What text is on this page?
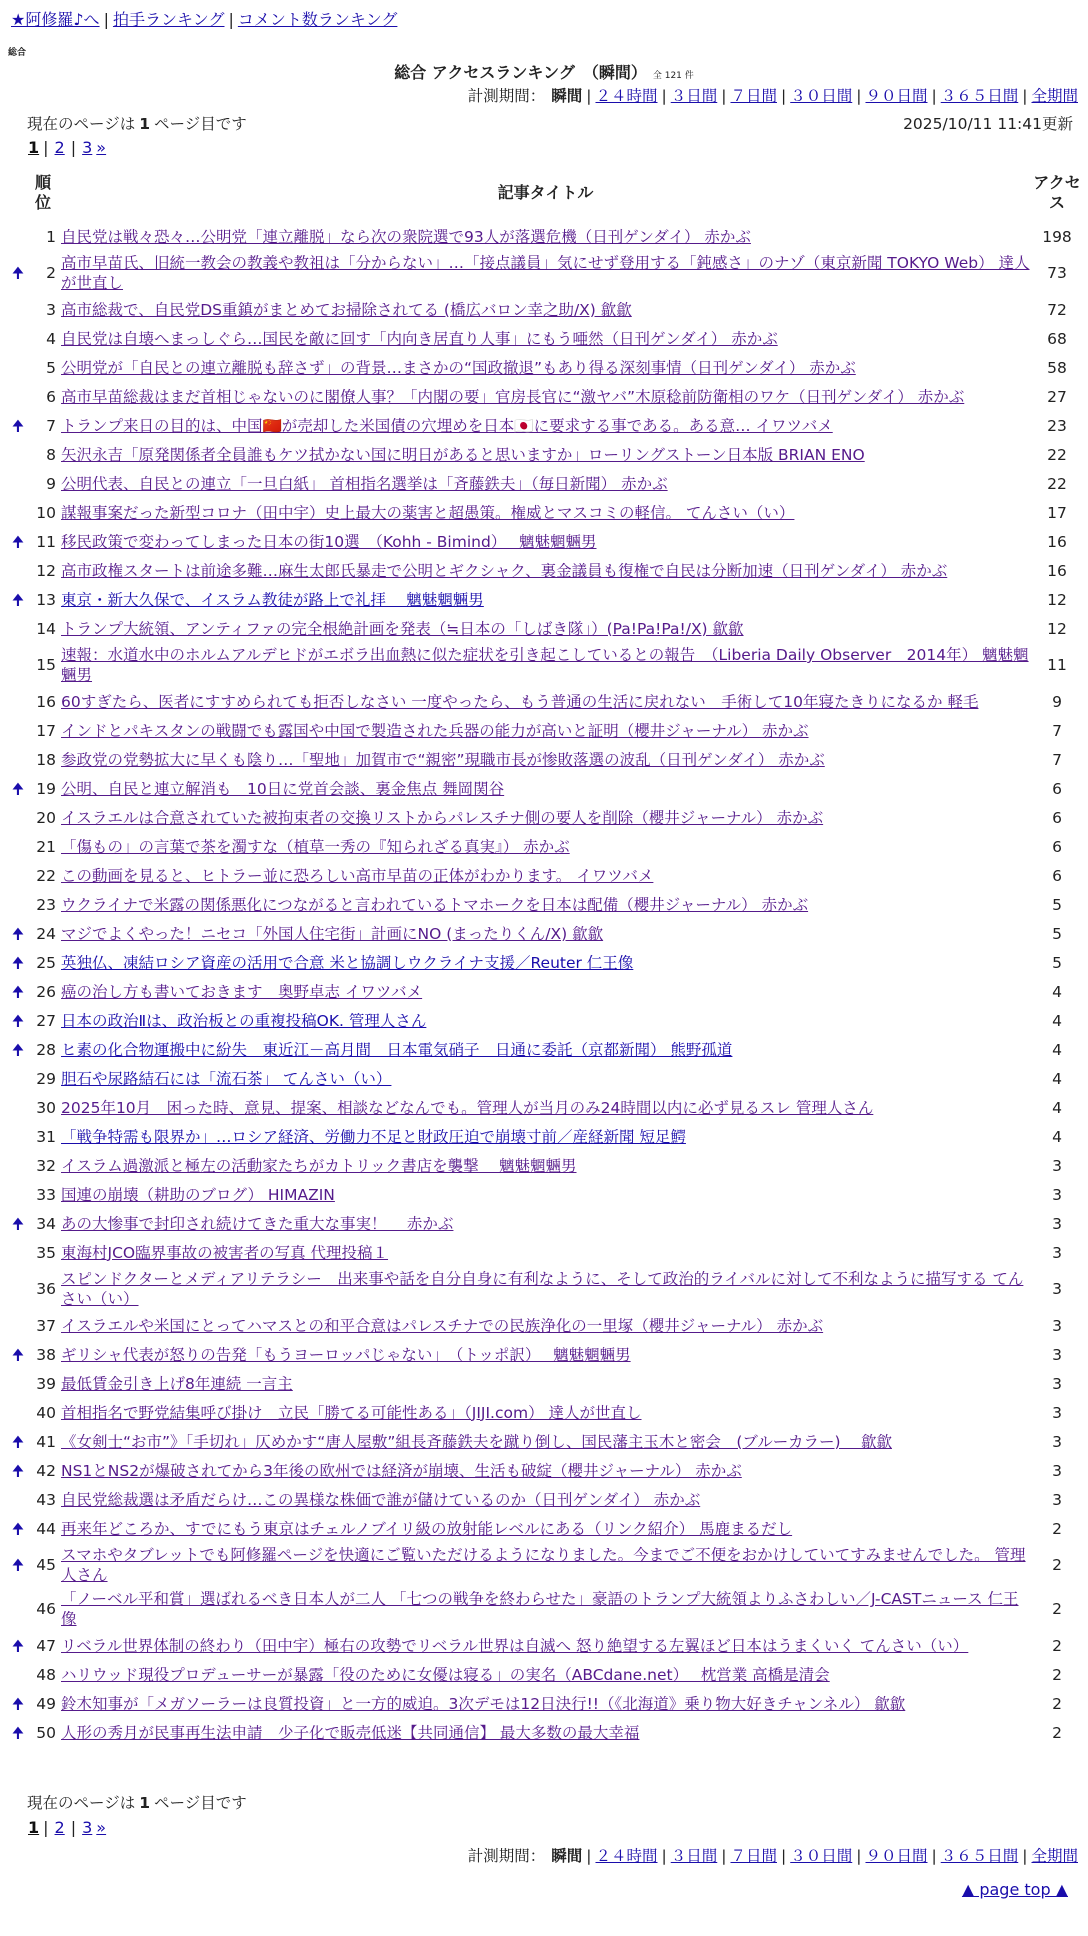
★阿修羅♪へ | 拍手ランキング | コメント数ランキング
総合
総合 アクセスランキング　（瞬間） 全 121 件
計測期間： 瞬間 | ２４時間 | ３日間 | ７日間 | ３０日間 | ９０日間 | ３６５日間 | 全期間
現在のページは 1 ページ目です	2025/10/11 11:41更新
1 | 2 | 3 »
	順位	記事タイトル	アクセス
	1	自民党は戦々恐々…公明党「連立離脱」なら次の衆院選で93人が落選危機（日刊ゲンダイ） 赤かぶ	198
🠉	2	高市早苗氏、旧統一教会の教義や教祖は「分からない」…「接点議員」気にせず登用する「鈍感さ」のナゾ（東京新聞 TOKYO Web） 達人が世直し	73
	3	高市総裁で、自民党DS重鎮がまとめてお掃除されてる (橋広バロン幸之助/X) 歙歙	72
	4	自民党は自壊へまっしぐら…国民を敵に回す「内向き居直り人事」にもう唖然（日刊ゲンダイ） 赤かぶ	68
	5	公明党が「自民との連立離脱も辞さず」の背景…まさかの“国政撤退”もあり得る深刻事情（日刊ゲンダイ） 赤かぶ	58
	6	高市早苗総裁はまだ首相じゃないのに閣僚人事？「内閣の要」官房長官に“激ヤバ”木原稔前防衛相のワケ（日刊ゲンダイ） 赤かぶ	27
🠉	7	トランプ来日の目的は、中国🇨🇳が売却した米国債の穴埋めを日本🇯🇵に要求する事である。ある意… イワツバメ	23
	8	矢沢永吉「原発関係者全員誰もケツ拭かない国に明日があると思いますか」ローリングストーン日本版 BRIAN ENO	22
	9	公明代表、自民との連立「一旦白紙」 首相指名選挙は「斉藤鉄夫」（毎日新聞） 赤かぶ	22
	10	謀報事案だった新型コロナ（田中宇）史上最大の薬害と超愚策。権威とマスコミの軽信。 てんさい（い）	17
🠉	11	移民政策で変わってしまった日本の街10選　（Kohh - Bimind）　 魑魅魍魎男	16
	12	高市政権スタートは前途多難…麻生太郎氏暴走で公明とギクシャク、裏金議員も復権で自民は分断加速（日刊ゲンダイ） 赤かぶ	16
🠉	13	東京・新大久保で、イスラム教徒が路上で礼拝　 魑魅魍魎男	12
	14	トランプ大統領、アンティファの完全根絶計画を発表（≒日本の「しばき隊」）(Pa!Pa!Pa!/X) 歙歙	12
	15	速報：水道水中のホルムアルデヒドがエボラ出血熱に似た症状を引き起こしているとの報告　（Liberia Daily Observer　2014年） 魑魅魍魎男	11
	16	60すぎたら、医者にすすめられても拒否しなさい 一度やったら、もう普通の生活に戻れない　手術して10年寝たきりになるか 軽毛	9
	17	インドとパキスタンの戦闘でも露国や中国で製造された兵器の能力が高いと証明（櫻井ジャーナル） 赤かぶ	7
	18	参政党の党勢拡大に早くも陰り…「聖地」加賀市で“親密”現職市長が惨敗落選の波乱（日刊ゲンダイ） 赤かぶ	7
🠉	19	公明、自民と連立解消も　10日に党首会談、裏金焦点 舞岡関谷	6
	20	イスラエルは合意されていた被拘束者の交換リストからパレスチナ側の要人を削除（櫻井ジャーナル） 赤かぶ	6
	21	「傷もの」の言葉で茶を濁すな（植草一秀の『知られざる真実』） 赤かぶ	6
	22	この動画を見ると、ヒトラー並に恐ろしい高市早苗の正体がわかります。 イワツバメ	6
	23	ウクライナで米露の関係悪化につながると言われているトマホークを日本は配備（櫻井ジャーナル） 赤かぶ	5
🠉	24	マジでよくやった！ニセコ「外国人住宅街」計画にNO (まったりくん/X) 歙歙	5
🠉	25	英独仏、凍結ロシア資産の活用で合意 米と協調しウクライナ支援／Reuter 仁王像	5
🠉	26	癌の治し方も書いておきます　奥野卓志 イワツバメ	4
🠉	27	日本の政治Ⅱは、政治板との重複投稿OK. 管理人さん	4
🠉	28	ヒ素の化合物運搬中に紛失　東近江－高月間　日本電気硝子　日通に委託（京都新聞） 熊野孤道	4
	29	胆石や尿路結石には「流石茶」 てんさい（い）	4
	30	2025年10月　困った時、意見、提案、相談などなんでも。管理人が当月のみ24時間以内に必ず見るスレ 管理人さん	4
	31	「戦争特需も限界か」…ロシア経済、労働力不足と財政圧迫で崩壊寸前／産経新聞 短足鰐	4
	32	イスラム過激派と極左の活動家たちがカトリック書店を襲撃　 魑魅魍魎男	3
	33	国連の崩壊（耕助のブログ） HIMAZIN	3
🠉	34	あの大惨事で封印され続けてきた重大な事実！　 赤かぶ	3
	35	東海村JCO臨界事故の被害者の写真 代理投稿１	3
	36	スピンドクターとメディアリテラシー　出来事や話を自分自身に有利なように、そして政治的ライバルに対して不利なように描写する てんさい（い）	3
	37	イスラエルや米国にとってハマスとの和平合意はパレスチナでの民族浄化の一里塚（櫻井ジャーナル） 赤かぶ	3
🠉	38	ギリシャ代表が怒りの告発「もうヨーロッパじゃない」　（トッポ訳）　 魑魅魍魎男	3
	39	最低賃金引き上げ8年連続 一言主	3
	40	首相指名で野党結集呼び掛け　立民「勝てる可能性ある」（JIJI.com） 達人が世直し	3
🠉	41	《女剣士“お市”》「手切れ」仄めかす“唐人屋敷”組長斉藤鉄夫を蹴り倒し、国民藩主玉木と密会　(ブルーカラー)　 歙歙	3
🠉	42	NS1とNS2が爆破されてから3年後の欧州では経済が崩壊、生活も破綻（櫻井ジャーナル） 赤かぶ	3
	43	自民党総裁選は矛盾だらけ…この異様な株価で誰が儲けているのか（日刊ゲンダイ） 赤かぶ	3
🠉	44	再来年どころか、すでにもう東京はチェルノブイリ級の放射能レベルにある（リンク紹介） 馬鹿まるだし	2
🠉	45	スマホやタブレットでも阿修羅ページを快適にご覧いただけるようになりました。今までご不便をおかけしていてすみませんでした。 管理人さん	2
	46	「ノーベル平和賞」選ばれるべき日本人が二人 「七つの戦争を終わらせた」豪語のトランプ大統領よりふさわしい／J-CASTニュース 仁王像	2
🠉	47	リベラル世界体制の終わり（田中宇）極右の攻勢でリベラル世界は自滅へ 怒り絶望する左翼ほど日本はうまくいく てんさい（い）	2
	48	ハリウッド現役プロデューサーが暴露「役のために女優は寝る」の実名（ABCdane.net）　 枕営業 高橋是清会	2
🠉	49	鈴木知事が「メガソーラーは良質投資」と一方的威迫。3次デモは12日決行!!（《北海道》乗り物大好きチャンネル） 歙歙	2
🠉	50	人形の秀月が民事再生法申請　少子化で販売低迷【共同通信】 最大多数の最大幸福	2
現在のページは 1 ページ目です
1 | 2 | 3 »
計測期間： 瞬間 | ２４時間 | ３日間 | ７日間 | ３０日間 | ９０日間 | ３６５日間 | 全期間
▲ page top ▲
